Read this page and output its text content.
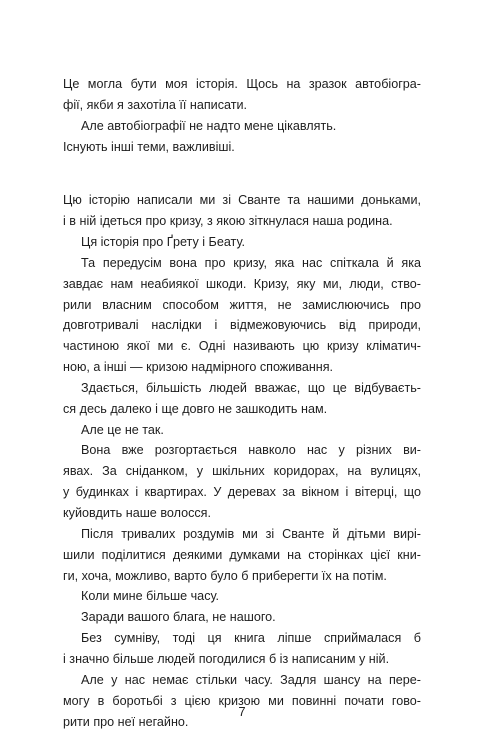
Це могла бути моя історія. Щось на зразок автобіогра-
фії, якби я захотіла її написати.
Але автобіографії не надто мене цікавлять.
Існують інші теми, важливіші.
Цю історію написали ми зі Сванте та нашими доньками,
і в ній ідеться про кризу, з якою зіткнулася наша родина.
Ця історія про Ґрету і Беату.
Та передусім вона про кризу, яка нас спіткала й яка
завдає нам неабиякої шкоди. Кризу, яку ми, люди, ство-
рили власним способом життя, не замислюючись про
довготривалі наслідки і відмежовуючись від природи,
частиною якої ми є. Одні називають цю кризу кліматич-
ною, а інші — кризою надмірного споживання.
Здається, більшість людей вважає, що це відбуваєть-
ся десь далеко і ще довго не зашкодить нам.
Але це не так.
Вона вже розгортається навколо нас у різних ви-
явах. За сніданком, у шкільних коридорах, на вулицях,
у будинках і квартирах. У деревах за вікном і вітерці, що
куйовдить наше волосся.
Після тривалих роздумів ми зі Сванте й дітьми вирі-
шили поділитися деякими думками на сторінках цієї кни-
ги, хоча, можливо, варто було б приберегти їх на потім.
Коли мине більше часу.
Заради вашого блага, не нашого.
Без сумніву, тоді ця книга ліпше сприймалася б
і значно більше людей погодилися б із написаним у ній.
Але у нас немає стільки часу. Задля шансу на пере-
могу в боротьбі з цією кризою ми повинні почати гово-
рити про неї негайно.
7
